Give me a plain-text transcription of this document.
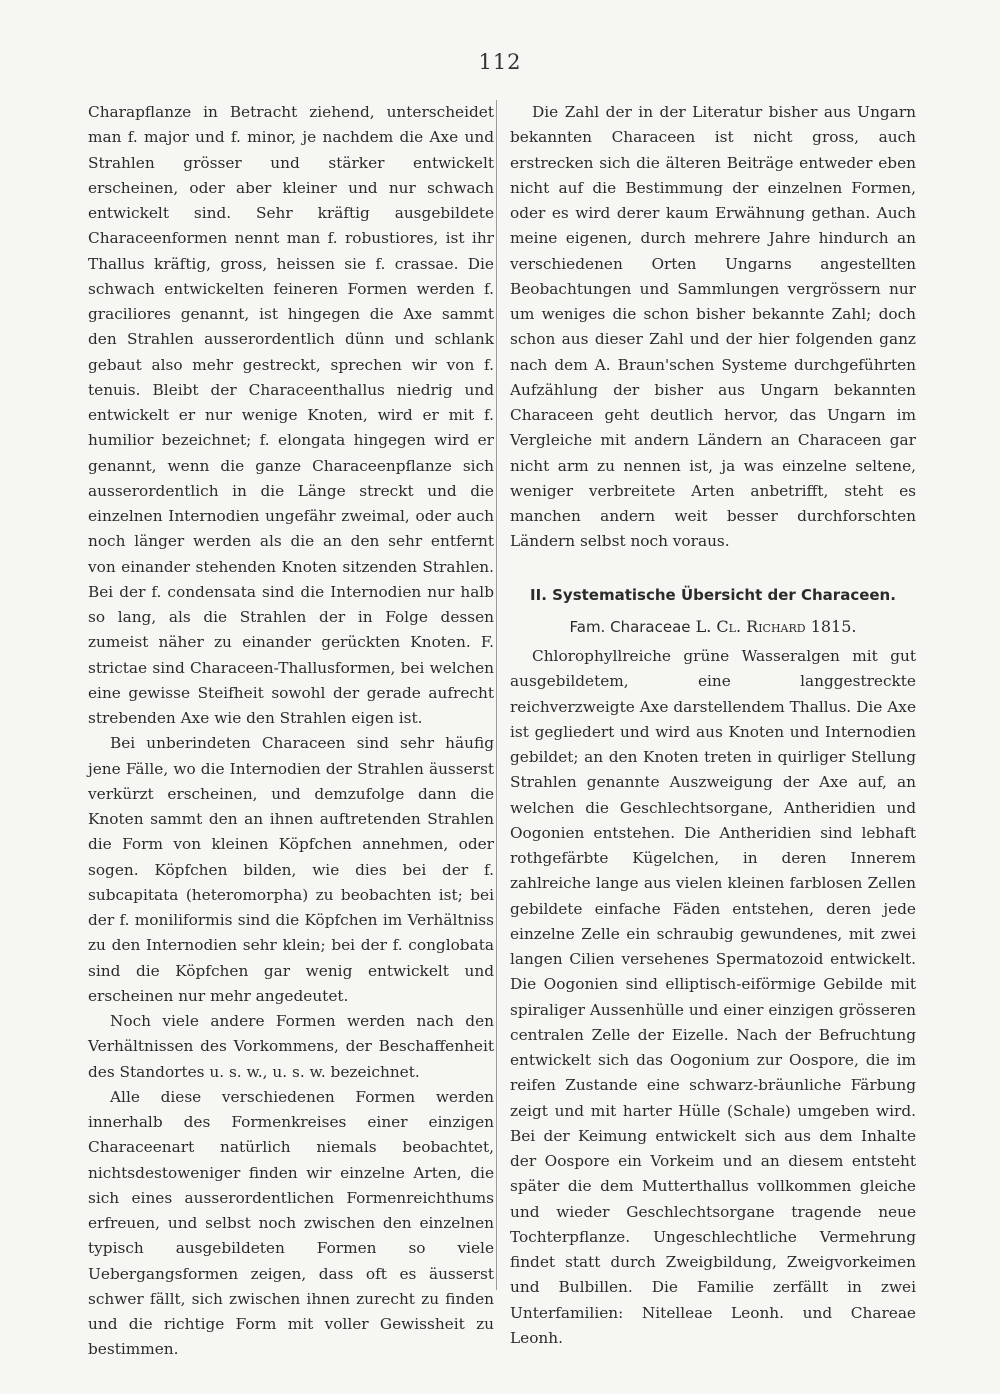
112

Charapflanze in Betracht ziehend, unterscheidet man f. major und f. minor, je nachdem die Axe und Strahlen grösser und stärker entwickelt erscheinen, oder aber kleiner und nur schwach entwickelt sind. Sehr kräftig ausgebildete Characeenformen nennt man f. robustiores, ist ihr Thallus kräftig, gross, heissen sie f. crassae. Die schwach entwickelten feineren Formen werden f. graciliores genannt, ist hingegen die Axe sammt den Strahlen ausserordentlich dünn und schlank gebaut also mehr gestreckt, sprechen wir von f. tenuis. Bleibt der Characeenthallus niedrig und entwickelt er nur wenige Knoten, wird er mit f. humilior bezeichnet; f. elongata hingegen wird er genannt, wenn die ganze Characeenpflanze sich ausserordentlich in die Länge streckt und die einzelnen Internodien ungefähr zweimal, oder auch noch länger werden als die an den sehr entfernt von einander stehenden Knoten sitzenden Strahlen. Bei der f. condensata sind die Internodien nur halb so lang, als die Strahlen der in Folge dessen zumeist näher zu einander gerückten Knoten. F. strictae sind Characeen-Thallusformen, bei welchen eine gewisse Steifheit sowohl der gerade aufrecht strebenden Axe wie den Strahlen eigen ist.

Bei unberindeten Characeen sind sehr häufig jene Fälle, wo die Internodien der Strahlen äusserst verkürzt erscheinen, und demzufolge dann die Knoten sammt den an ihnen auftretenden Strahlen die Form von kleinen Köpfchen annehmen, oder sogen. Köpfchen bilden, wie dies bei der f. subcapitata (heteromorpha) zu beobachten ist; bei der f. moniliformis sind die Köpfchen im Verhältniss zu den Internodien sehr klein; bei der f. conglobata sind die Köpfchen gar wenig entwickelt und erscheinen nur mehr angedeutet.

Noch viele andere Formen werden nach den Verhältnissen des Vorkommens, der Beschaffenheit des Standortes u. s. w., u. s. w. bezeichnet.

Alle diese verschiedenen Formen werden innerhalb des Formenkreises einer einzigen Characeenart natürlich niemals beobachtet, nichtsdestoweniger finden wir einzelne Arten, die sich eines ausserordentlichen Formenreichthums erfreuen, und selbst noch zwischen den einzelnen typisch ausgebildeten Formen so viele Uebergangsformen zeigen, dass oft es äusserst schwer fällt, sich zwischen ihnen zurecht zu finden und die richtige Form mit voller Gewissheit zu bestimmen.

Die Zahl der in der Literatur bisher aus Ungarn bekannten Characeen ist nicht gross, auch erstrecken sich die älteren Beiträge entweder eben nicht auf die Bestimmung der einzelnen Formen, oder es wird derer kaum Erwähnung gethan. Auch meine eigenen, durch mehrere Jahre hindurch an verschiedenen Orten Ungarns angestellten Beobachtungen und Sammlungen vergrössern nur um weniges die schon bisher bekannte Zahl; doch schon aus dieser Zahl und der hier folgenden ganz nach dem A. Braun'schen Systeme durchgeführten Aufzählung der bisher aus Ungarn bekannten Characeen geht deutlich hervor, das Ungarn im Vergleiche mit andern Ländern an Characeen gar nicht arm zu nennen ist, ja was einzelne seltene, weniger verbreitete Arten anbetrifft, steht es manchen andern weit besser durchforschten Ländern selbst noch voraus.

II. Systematische Übersicht der Characeen.
Fam. Characeae L. Cl. Richard 1815.

Chlorophyllreiche grüne Wasseralgen mit gut ausgebildetem, eine langgestreckte reichverzweigte Axe darstellendem Thallus. Die Axe ist gegliedert und wird aus Knoten und Internodien gebildet; an den Knoten treten in quirliger Stellung Strahlen genannte Auszweigung der Axe auf, an welchen die Geschlechtsorgane, Antheridien und Oogonien entstehen. Die Antheridien sind lebhaft rothgefärbte Kügelchen, in deren Innerem zahlreiche lange aus vielen kleinen farblosen Zellen gebildete einfache Fäden entstehen, deren jede einzelne Zelle ein schraubig gewundenes, mit zwei langen Cilien versehenes Spermatozoid entwickelt. Die Oogonien sind elliptisch-eiförmige Gebilde mit spiraliger Aussenhülle und einer einzigen grösseren centralen Zelle der Eizelle. Nach der Befruchtung entwickelt sich das Oogonium zur Oospore, die im reifen Zustande eine schwarz-bräunliche Färbung zeigt und mit harter Hülle (Schale) umgeben wird. Bei der Keimung entwickelt sich aus dem Inhalte der Oospore ein Vorkeim und an diesem entsteht später die dem Mutterthallus vollkommen gleiche und wieder Geschlechtsorgane tragende neue Tochterpflanze. Ungeschlechtliche Vermehrung findet statt durch Zweigbildung, Zweigvorkeimen und Bulbillen. Die Familie zerfällt in zwei Unterfamilien: Nitelleae Leonh. und Chareae Leonh.
